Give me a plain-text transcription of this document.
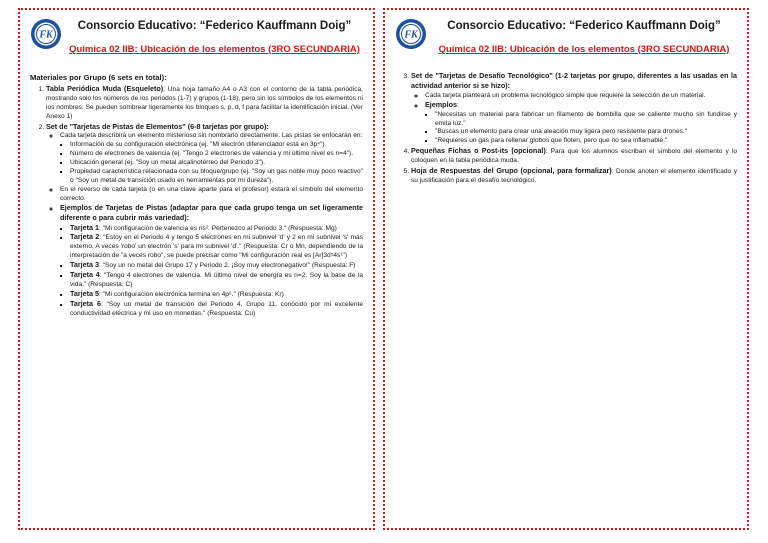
FK
Consorcio Educativo: “Federico Kauffmann Doig”
Química 02 IIB: Ubicación de los elementos (3RO SECUNDARIA)
Materiales por Grupo (6 sets en total):
1. Tabla Periódica Muda (Esqueleto): Una hoja tamaño A4 o A3 con el contorno de la tabla periódica, mostrando solo los números de los periodos (1-7) y grupos (1-18), pero sin los símbolos de los elementos ni los nombres. Se pueden sombrear ligeramente los bloques s, p, d, f para facilitar la identificación inicial. (Ver Anexo 1)
2. Set de "Tarjetas de Pistas de Elementos" (6-8 tarjetas por grupo):
◦ Cada tarjeta describirá un elemento misterioso sin nombrarlo directamente. Las pistas se enfocarán en:
▪ Información de su configuración electrónica (ej. "Mi electrón diferenciador está en 3p⁴").
▪ Número de electrones de valencia (ej. "Tengo 2 electrones de valencia y mi último nivel es n=4").
▪ Ubicación general (ej. "Soy un metal alcalinotérreo del Periodo 3").
▪ Propiedad característica relacionada con su bloque/grupo (ej. "Soy un gas noble muy poco reactivo" o "Soy un metal de transición usado en herramientas por mi dureza").
◦ En el reverso de cada tarjeta (o en una clave aparte para el profesor) estará el símbolo del elemento correcto.
◦ Ejemplos de Tarjetas de Pistas (adaptar para que cada grupo tenga un set ligeramente diferente o para cubrir más variedad):
▪ Tarjeta 1: "Mi configuración de valencia es ns². Pertenezco al Periodo 3." (Respuesta: Mg)
▪ Tarjeta 2: "Estoy en el Periodo 4 y tengo 5 electrones en mi subnivel 'd' y 2 en mi subnivel 's' más externo. A veces 'robo' un electrón 's' para mi subnivel 'd'." (Respuesta: Cr o Mn, dependiendo de la interpretación de "a veces robo", se puede precisar como "Mi configuración real es [Ar]3d⁵4s¹")
▪ Tarjeta 3: "Soy un no metal del Grupo 17 y Periodo 2. ¡Soy muy electronegativo!" (Respuesta: F)
▪ Tarjeta 4: "Tengo 4 electrones de valencia. Mi último nivel de energía es n=2. Soy la base de la vida." (Respuesta: C)
▪ Tarjeta 5: "Mi configuración electrónica termina en 4p⁶." (Respuesta: Kr)
▪ Tarjeta 6: "Soy un metal de transición del Periodo 4, Grupo 11, conocido por mi excelente conductividad eléctrica y mi uso en monedas." (Respuesta: Cu)
FK
Consorcio Educativo: “Federico Kauffmann Doig”
Química 02 IIB: Ubicación de los elementos (3RO SECUNDARIA)
3. Set de "Tarjetas de Desafío Tecnológico" (1-2 tarjetas por grupo, diferentes a las usadas en la actividad anterior si se hizo):
◦ Cada tarjeta planteará un problema tecnológico simple que requiere la selección de un material.
◦ Ejemplos:
▪ "Necesitas un material para fabricar un filamento de bombilla que se caliente mucho sin fundirse y emita luz."
▪ "Buscas un elemento para crear una aleación muy ligera pero resistente para drones."
▪ "Requieres un gas para rellenar globos que floten, pero que no sea inflamable."
4. Pequeñas Fichas o Post-its (opcional): Para que los alumnos escriban el símbolo del elemento y lo coloquen en la tabla periódica muda.
5. Hoja de Respuestas del Grupo (opcional, para formalizar): Donde anoten el elemento identificado y su justificación para el desafío tecnológico.
